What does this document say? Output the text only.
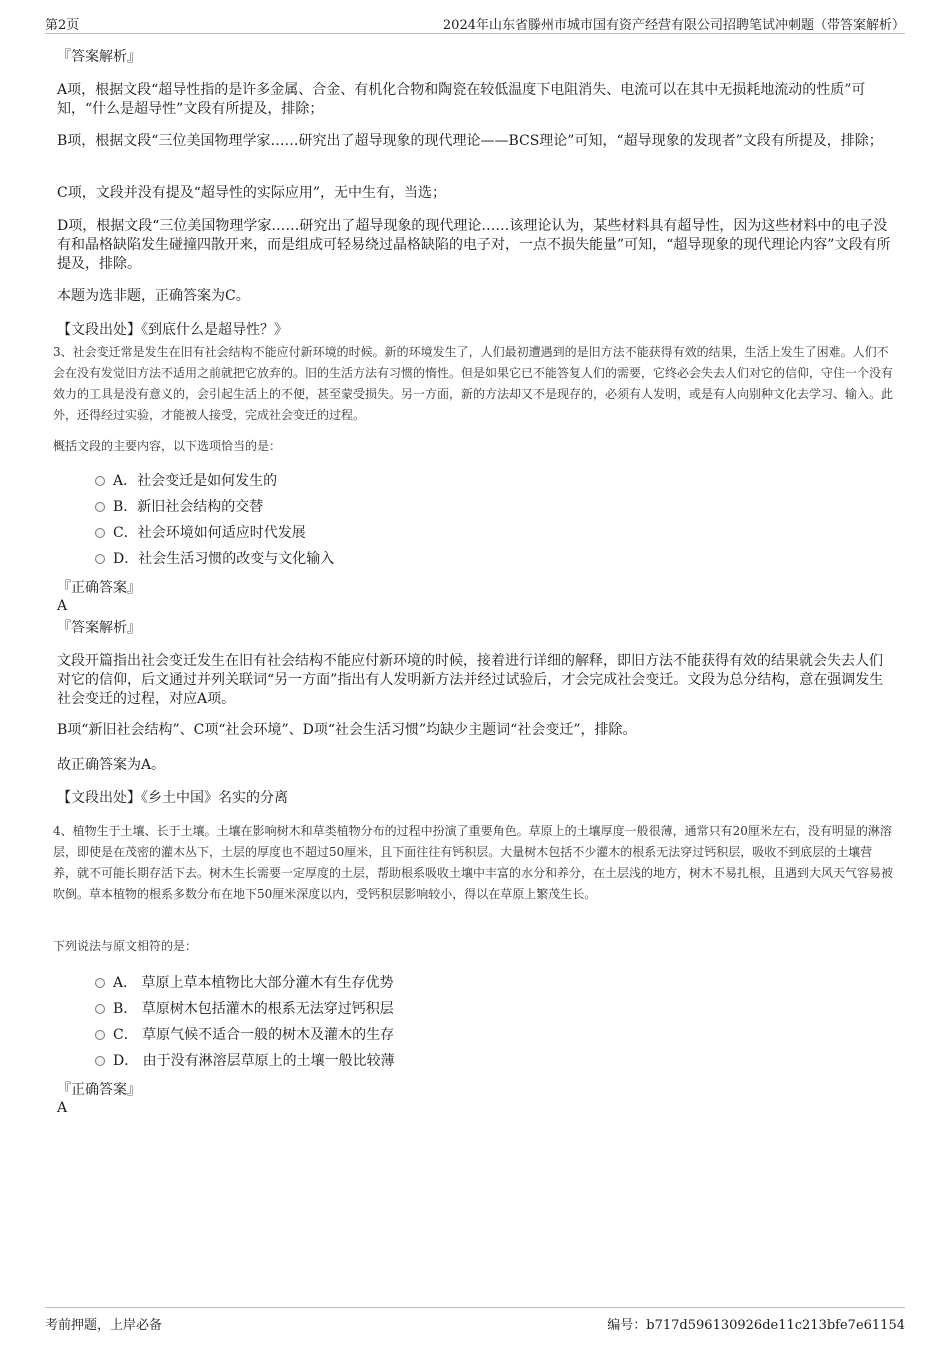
第2页	2024年山东省滕州市城市国有资产经营有限公司招聘笔试冲刺题（带答案解析）
『答案解析』
A项，根据文段“超导性指的是许多金属、合金、有机化合物和陶瓷在较低温度下电阻消失、电流可以在其中无损耗地流动的性质”可知，“什么是超导性”文段有所提及，排除；
B项，根据文段“三位美国物理学家……研究出了超导现象的现代理论——BCS理论”可知，“超导现象的发现者”文段有所提及，排除；
C项，文段并没有提及“超导性的实际应用”，无中生有，当选；
D项，根据文段“三位美国物理学家……研究出了超导现象的现代理论……该理论认为，某些材料具有超导性，因为这些材料中的电子没有和晶格缺陷发生碰撞四散开来，而是组成可轻易绕过晶格缺陷的电子对，一点不损失能量”可知，“超导现象的现代理论内容”文段有所提及，排除。
本题为选非题，正确答案为C。
【文段出处】《到底什么是超导性？》
3、社会变迁常是发生在旧有社会结构不能应付新环境的时候。新的环境发生了，人们最初遭遇到的是旧方法不能获得有效的结果，生活上发生了困难。人们不会在没有发觉旧方法不适用之前就把它放弃的。旧的生活方法有习惯的惰性。但是如果它已不能答复人们的需要，它终必会失去人们对它的信仰，守住一个没有效力的工具是没有意义的，会引起生活上的不便，甚至蒙受损失。另一方面，新的方法却又不是现存的，必须有人发明，或是有人向别种文化去学习、输入。此外，还得经过实验，才能被人接受，完成社会变迁的过程。
概括文段的主要内容，以下选项恰当的是：
A．社会变迁是如何发生的
B．新旧社会结构的交替
C．社会环境如何适应时代发展
D．社会生活习惯的改变与文化输入
『正确答案』
A
『答案解析』
文段开篇指出社会变迁发生在旧有社会结构不能应付新环境的时候，接着进行详细的解释，即旧方法不能获得有效的结果就会失去人们对它的信仰，后文通过并列关联词“另一方面”指出有人发明新方法并经过试验后，才会完成社会变迁。文段为总分结构，意在强调发生社会变迁的过程，对应A项。
B项“新旧社会结构”、C项“社会环境”、D项“社会生活习惯”均缺少主题词“社会变迁”，排除。
故正确答案为A。
【文段出处】《乡土中国》名实的分离
4、植物生于土壤、长于土壤。土壤在影响树木和草类植物分布的过程中扮演了重要角色。草原上的土壤厚度一般很薄，通常只有20厘米左右，没有明显的淋溶层，即使是在茂密的灌木丛下，土层的厚度也不超过50厘米，且下面往往有钙积层。大量树木包括不少灌木的根系无法穿过钙积层，吸收不到底层的土壤营养，就不可能长期存活下去。树木生长需要一定厚度的土层，帮助根系吸收土壤中丰富的水分和养分，在土层浅的地方，树木不易扎根，且遇到大风天气容易被吹倒。草本植物的根系多数分布在地下50厘米深度以内，受钙积层影响较小，得以在草原上繁茂生长。
下列说法与原文相符的是：
A． 草原上草本植物比大部分灌木有生存优势
B． 草原树木包括灌木的根系无法穿过钙积层
C． 草原气候不适合一般的树木及灌木的生存
D． 由于没有淋溶层草原上的土壤一般比较薄
『正确答案』
A
考前押题，上岸必备	编号：b717d596130926de11c213bfe7e61154
